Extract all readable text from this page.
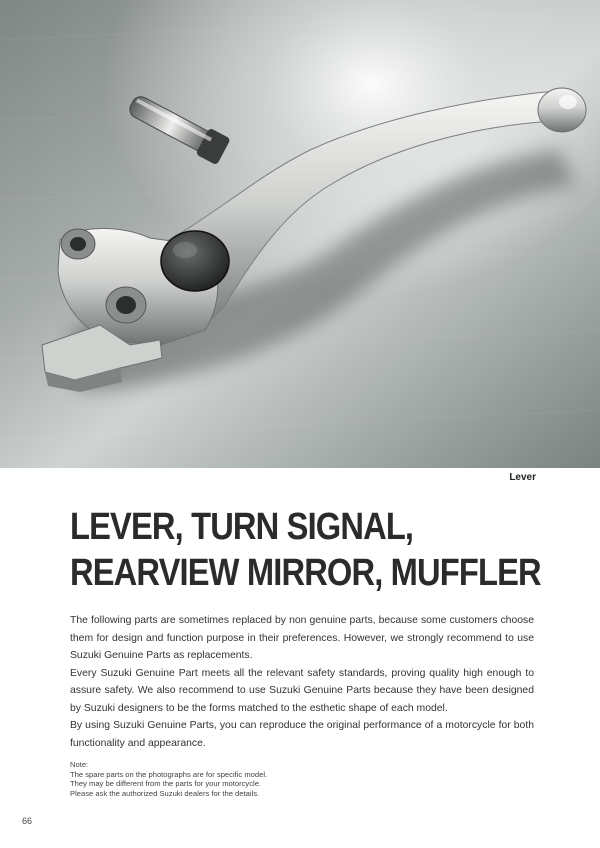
Lever
LEVER, TURN SIGNAL,
REARVIEW MIRROR, MUFFLER

The following parts are sometimes replaced by non genuine parts, because some customers choose them for design and function purpose in their preferences. However, we strongly recommend to use Suzuki Genuine Parts as replacements.

Every Suzuki Genuine Part meets all the relevant safety standards, proving quality high enough to assure safety. We also recommend to use Suzuki Genuine Parts because they have been designed by Suzuki designers to be the forms matched to the esthetic shape of each model.

By using Suzuki Genuine Parts, you can reproduce the original performance of a motorcycle for both functionality and appearance.

Note:
The spare parts on the photographs are for specific model.
They may be different from the parts for your motorcycle.
Please ask the authorized Suzuki dealers for the details.
66
